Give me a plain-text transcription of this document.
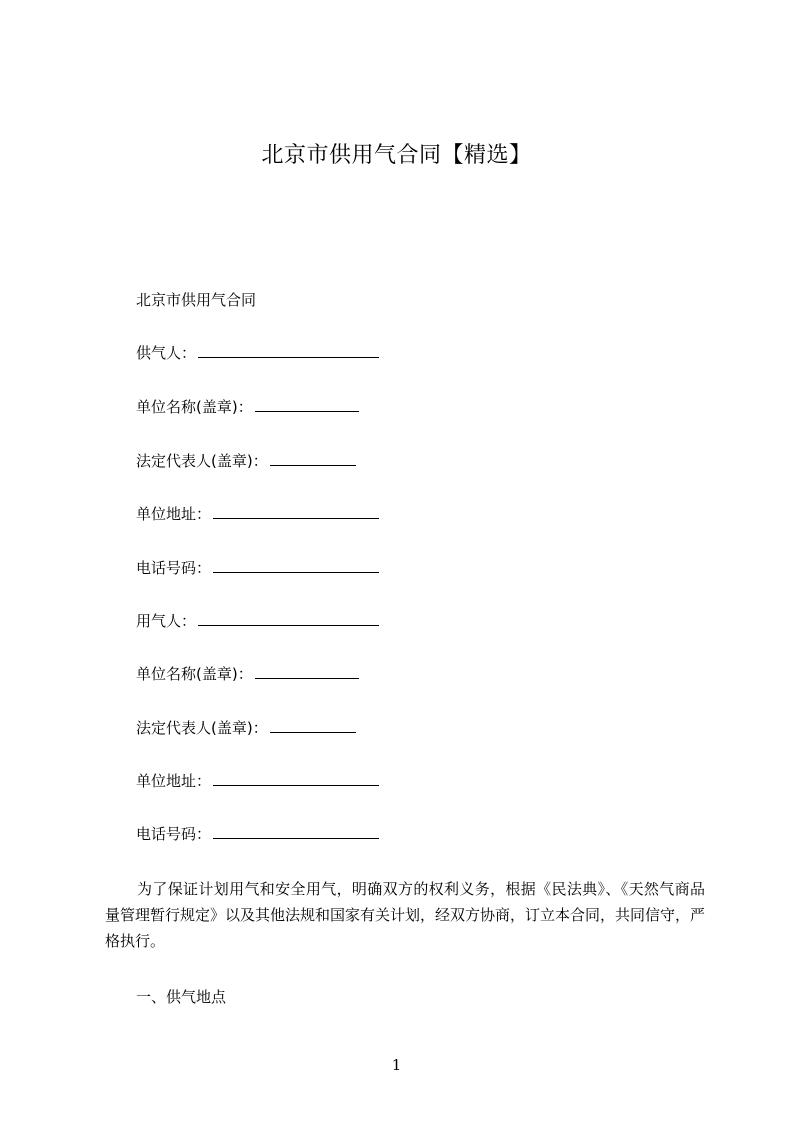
北京市供用气合同【精选】
北京市供用气合同
供气人：
单位名称(盖章)：
法定代表人(盖章)：
单位地址：
电话号码：
用气人：
单位名称(盖章)：
法定代表人(盖章)：
单位地址：
电话号码：
为了保证计划用气和安全用气，明确双方的权利义务，根据《民法典》、《天然气商品量管理暂行规定》以及其他法规和国家有关计划，经双方协商，订立本合同，共同信守，严格执行。
一、供气地点
1
